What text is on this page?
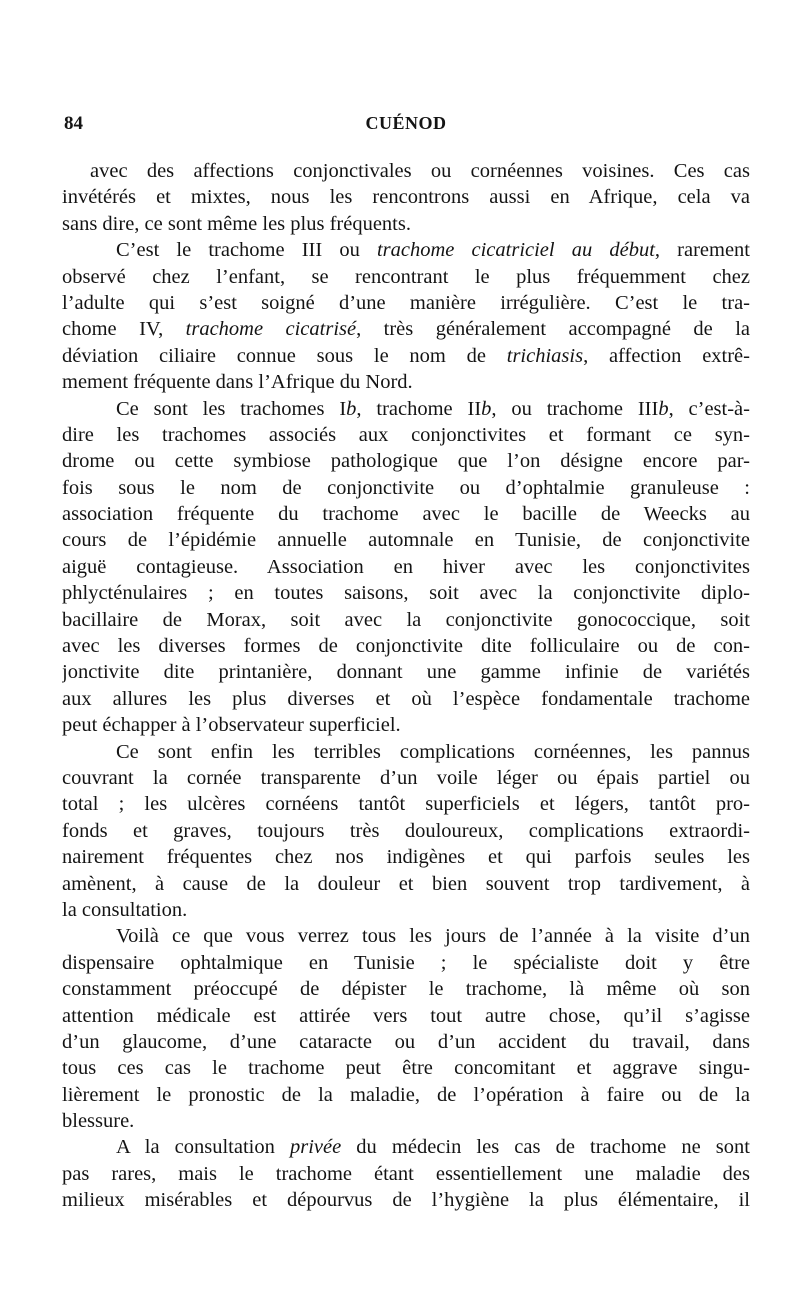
84	CUÉNOD
avec des affections conjonctivales ou cornéennes voisines. Ces cas
invétérés et mixtes, nous les rencontrons aussi en Afrique, cela va
sans dire, ce sont même les plus fréquents.
C’est le trachome III ou trachome cicatriciel au début, rarement
observé chez l’enfant, se rencontrant le plus fréquemment chez
l’adulte qui s’est soigné d’une manière irrégulière. C’est le tra-
chome IV, trachome cicatrisé, très généralement accompagné de la
déviation ciliaire connue sous le nom de trichiasis, affection extrê-
mement fréquente dans l’Afrique du Nord.
Ce sont les trachomes Ib, trachome IIb, ou trachome IIIb, c’est-à-
dire les trachomes associés aux conjonctivites et formant ce syn-
drome ou cette symbiose pathologique que l’on désigne encore par-
fois sous le nom de conjonctivite ou d’ophtalmie granuleuse :
association fréquente du trachome avec le bacille de Weecks au
cours de l’épidémie annuelle automnale en Tunisie, de conjonctivite
aiguë contagieuse. Association en hiver avec les conjonctivites
phlycténulaires ; en toutes saisons, soit avec la conjonctivite diplo-
bacillaire de Morax, soit avec la conjonctivite gonococcique, soit
avec les diverses formes de conjonctivite dite folliculaire ou de con-
jonctivite dite printanière, donnant une gamme infinie de variétés
aux allures les plus diverses et où l’espèce fondamentale trachome
peut échapper à l’observateur superficiel.
Ce sont enfin les terribles complications cornéennes, les pannus
couvrant la cornée transparente d’un voile léger ou épais partiel ou
total ; les ulcères cornéens tantôt superficiels et légers, tantôt pro-
fonds et graves, toujours très douloureux, complications extraordi-
nairement fréquentes chez nos indigènes et qui parfois seules les
amènent, à cause de la douleur et bien souvent trop tardivement, à
la consultation.
Voilà ce que vous verrez tous les jours de l’année à la visite d’un
dispensaire ophtalmique en Tunisie ; le spécialiste doit y être
constamment préoccupé de dépister le trachome, là même où son
attention médicale est attirée vers tout autre chose, qu’il s’agisse
d’un glaucome, d’une cataracte ou d’un accident du travail, dans
tous ces cas le trachome peut être concomitant et aggrave singu-
lièrement le pronostic de la maladie, de l’opération à faire ou de la
blessure.
A la consultation privée du médecin les cas de trachome ne sont
pas rares, mais le trachome étant essentiellement une maladie des
milieux misérables et dépourvus de l’hygiène la plus élémentaire, il
